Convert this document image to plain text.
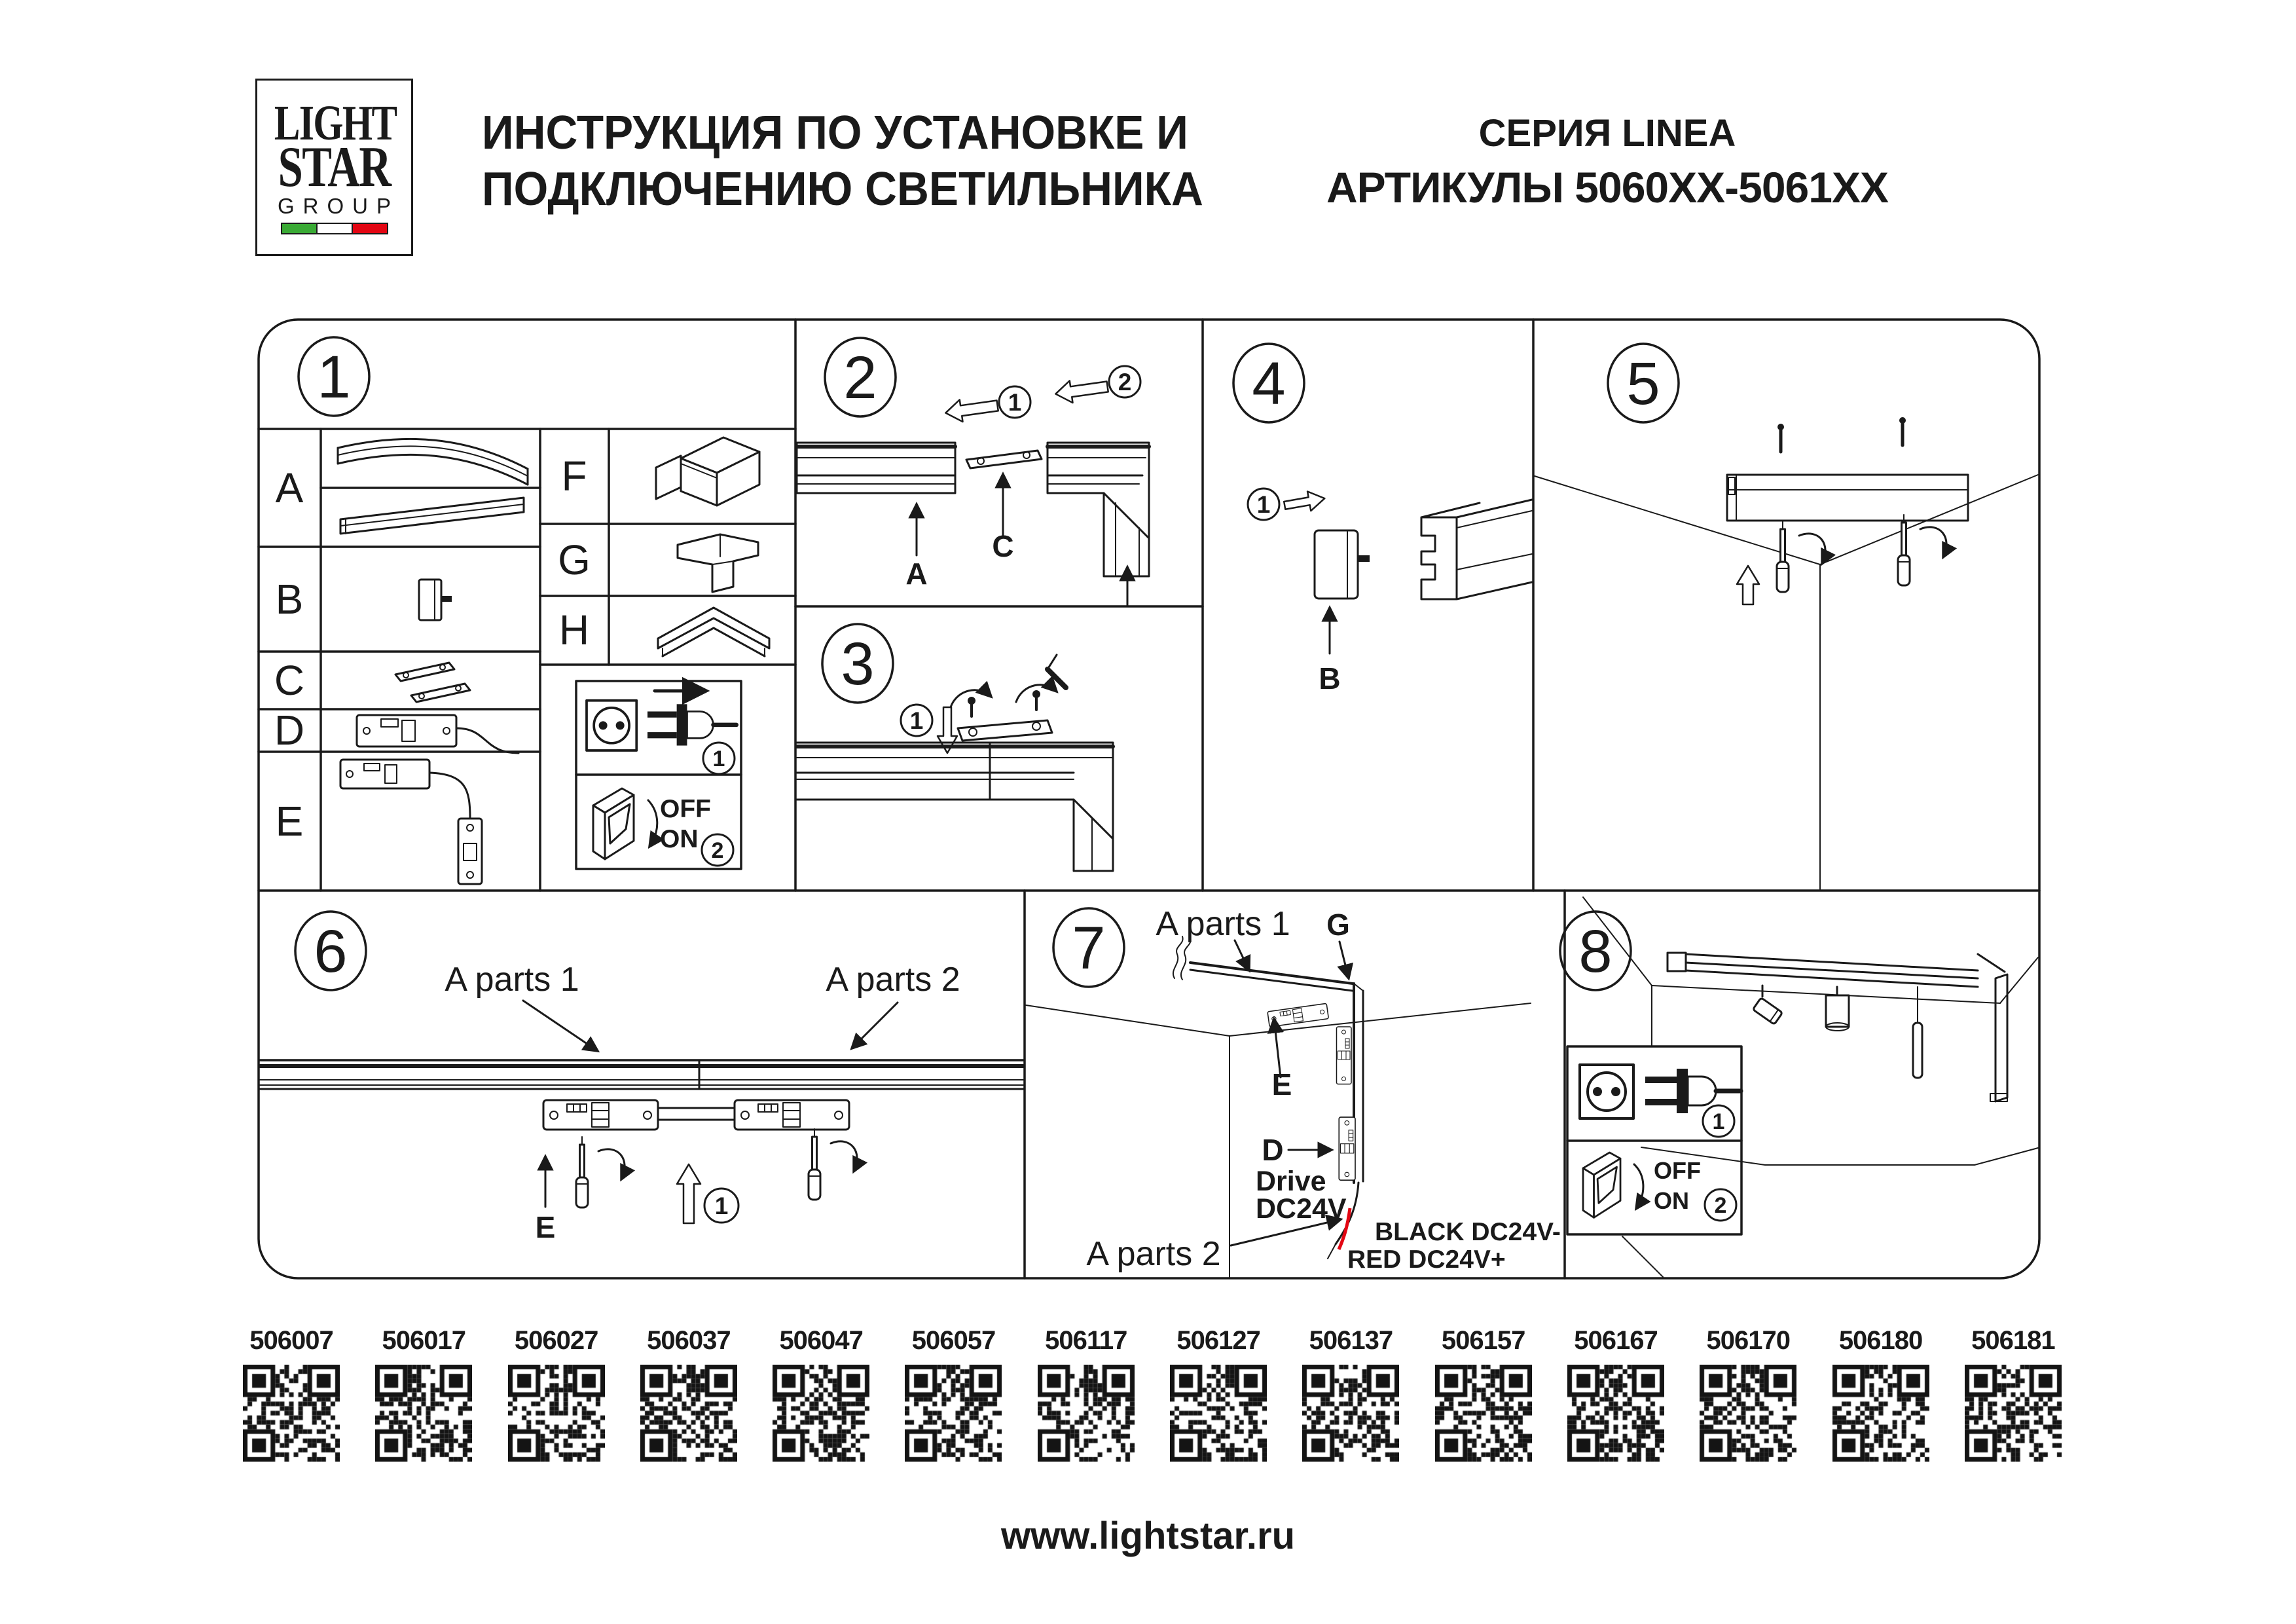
LIGHT
STAR
GROUP
ИНСТРУКЦИЯ ПО УСТАНОВКЕ И
ПОДКЛЮЧЕНИЮ СВЕТИЛЬНИКА
СЕРИЯ LINEA
АРТИКУЛЫ 5060XX-5061XX
1
A
B
C
D
E
F
G
H
1
OFF
ON 2
2	1
2
A
C
3
1
4
1
B
5
6	A parts 1	A parts 2
E
1
7 A parts 1 G
E
D
Drive
DC24V
A parts 2
BLACK DC24V-
RED DC24V+
8
1
OFF
ON 2
506007 506017 506027 506037 506047 506057	506117	506127 506137 506157 506167 506170 506180 506181
www.lightstar.ru
